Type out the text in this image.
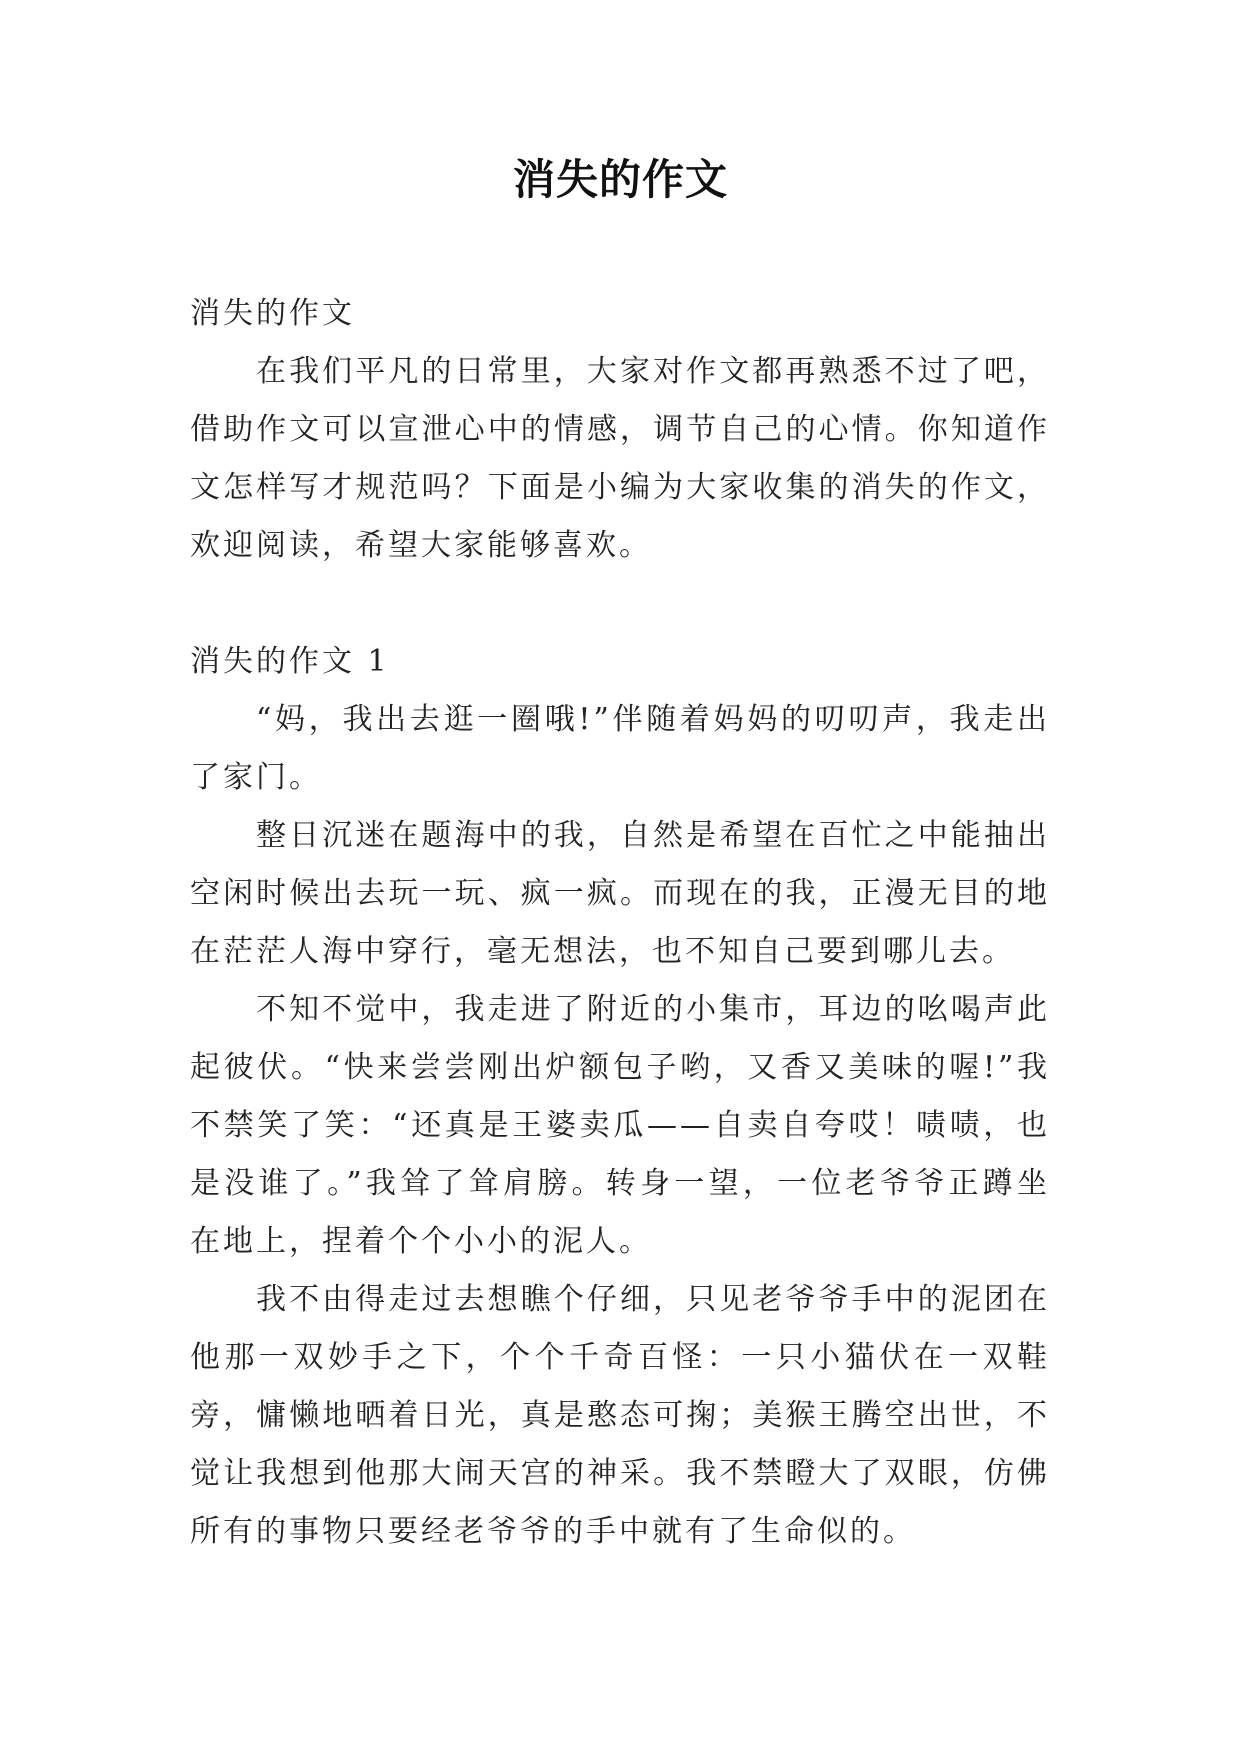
消失的作文

消失的作文

在我们平凡的日常里，大家对作文都再熟悉不过了吧，借助作文可以宣泄心中的情感，调节自己的心情。你知道作文怎样写才规范吗？下面是小编为大家收集的消失的作文，欢迎阅读，希望大家能够喜欢。

消失的作文 1

“妈，我出去逛一圈哦!”伴随着妈妈的叨叨声，我走出了家门。

整日沉迷在题海中的我，自然是希望在百忙之中能抽出空闲时候出去玩一玩、疯一疯。而现在的我，正漫无目的地在茫茫人海中穿行，毫无想法，也不知自己要到哪儿去。

不知不觉中，我走进了附近的小集市，耳边的吆喝声此起彼伏。“快来尝尝刚出炉额包子哟，又香又美味的喔!”我不禁笑了笑：“还真是王婆卖瓜——自卖自夸哎！啧啧，也是没谁了。”我耸了耸肩膀。转身一望，一位老爷爷正蹲坐在地上，捏着个个小小的泥人。

我不由得走过去想瞧个仔细，只见老爷爷手中的泥团在他那一双妙手之下，个个千奇百怪：一只小猫伏在一双鞋旁，慵懒地晒着日光，真是憨态可掬；美猴王腾空出世，不觉让我想到他那大闹天宫的神采。我不禁瞪大了双眼，仿佛所有的事物只要经老爷爷的手中就有了生命似的。
